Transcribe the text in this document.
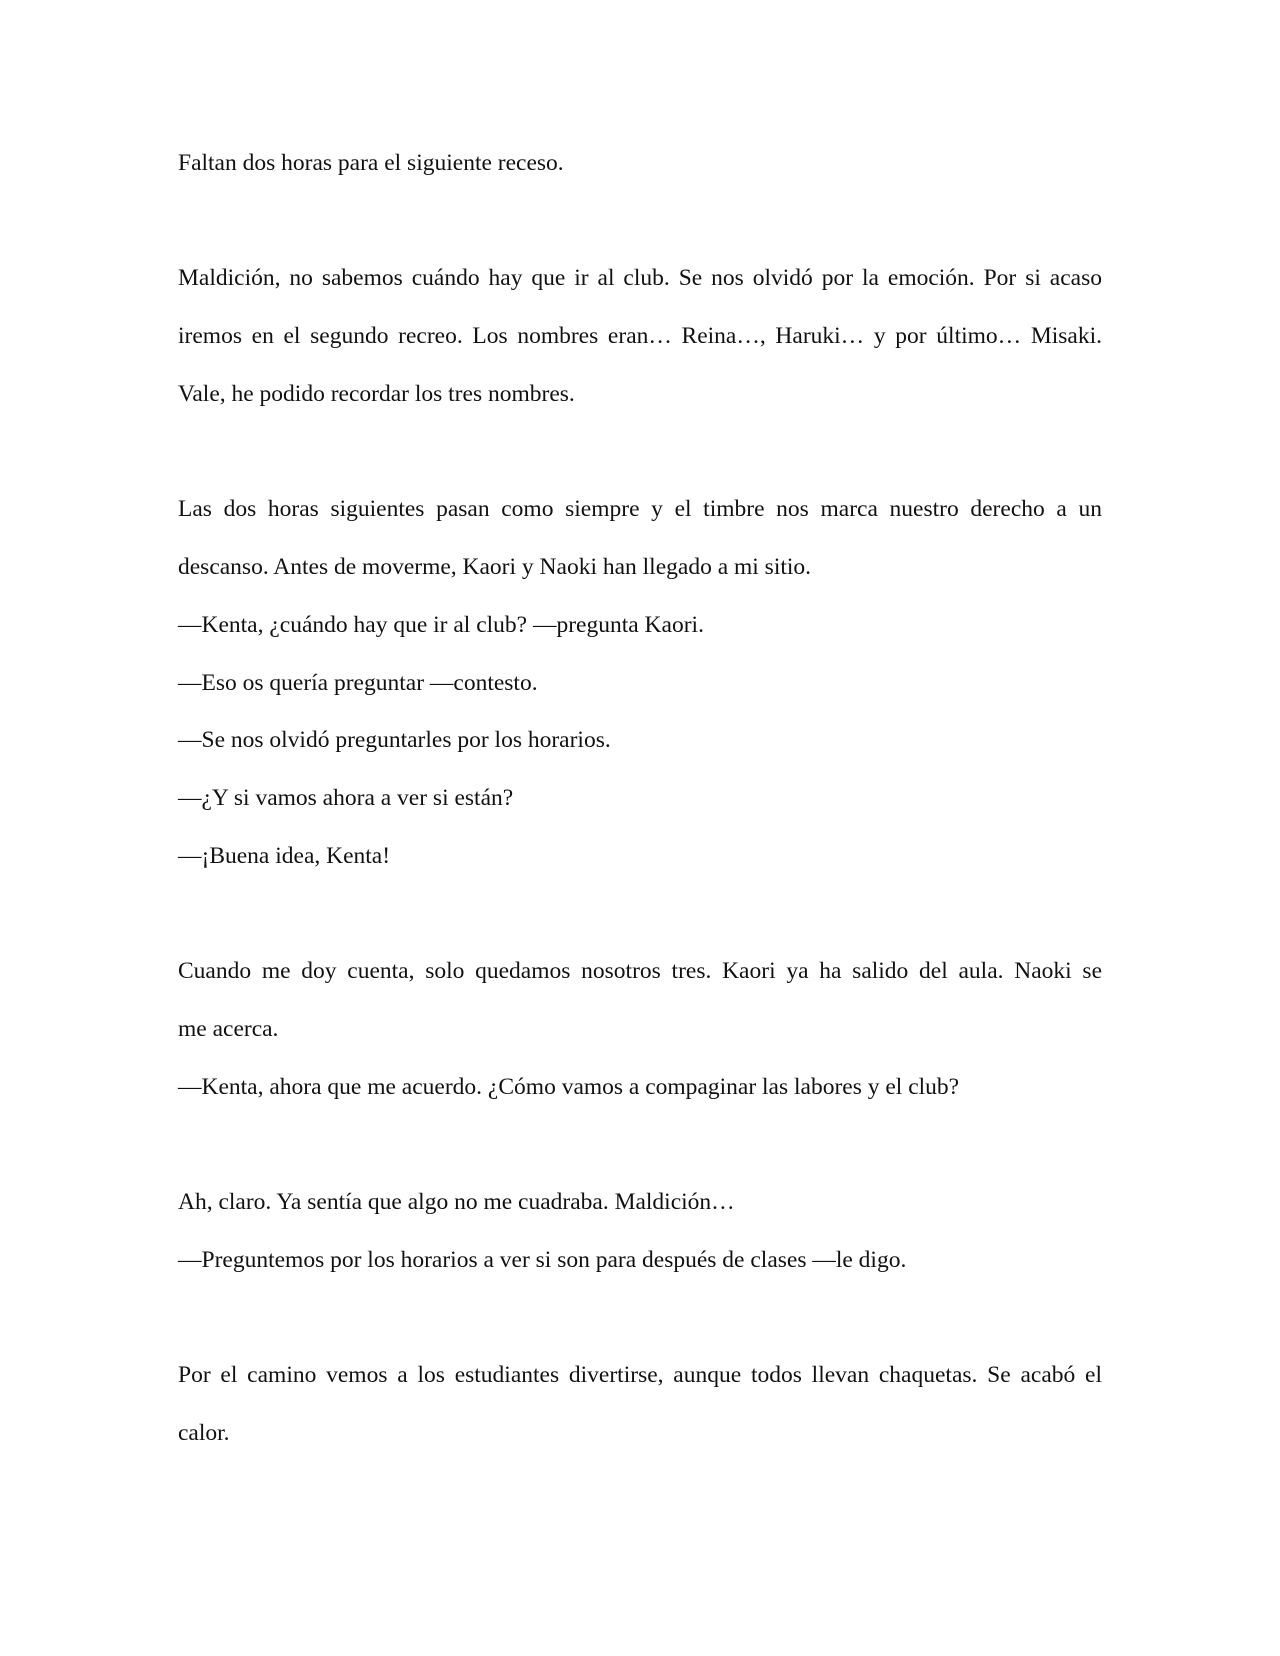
Faltan dos horas para el siguiente receso.
Maldición, no sabemos cuándo hay que ir al club. Se nos olvidó por la emoción. Por si acaso
iremos en el segundo recreo. Los nombres eran… Reina…, Haruki… y por último… Misaki.
Vale, he podido recordar los tres nombres.
Las dos horas siguientes pasan como siempre y el timbre nos marca nuestro derecho a un
descanso. Antes de moverme, Kaori y Naoki han llegado a mi sitio.
—Kenta, ¿cuándo hay que ir al club? —pregunta Kaori.
—Eso os quería preguntar —contesto.
—Se nos olvidó preguntarles por los horarios.
—¿Y si vamos ahora a ver si están?
—¡Buena idea, Kenta!
Cuando me doy cuenta, solo quedamos nosotros tres. Kaori ya ha salido del aula. Naoki se
me acerca.
—Kenta, ahora que me acuerdo. ¿Cómo vamos a compaginar las labores y el club?
Ah, claro. Ya sentía que algo no me cuadraba. Maldición…
—Preguntemos por los horarios a ver si son para después de clases —le digo.
Por el camino vemos a los estudiantes divertirse, aunque todos llevan chaquetas. Se acabó el
calor.
